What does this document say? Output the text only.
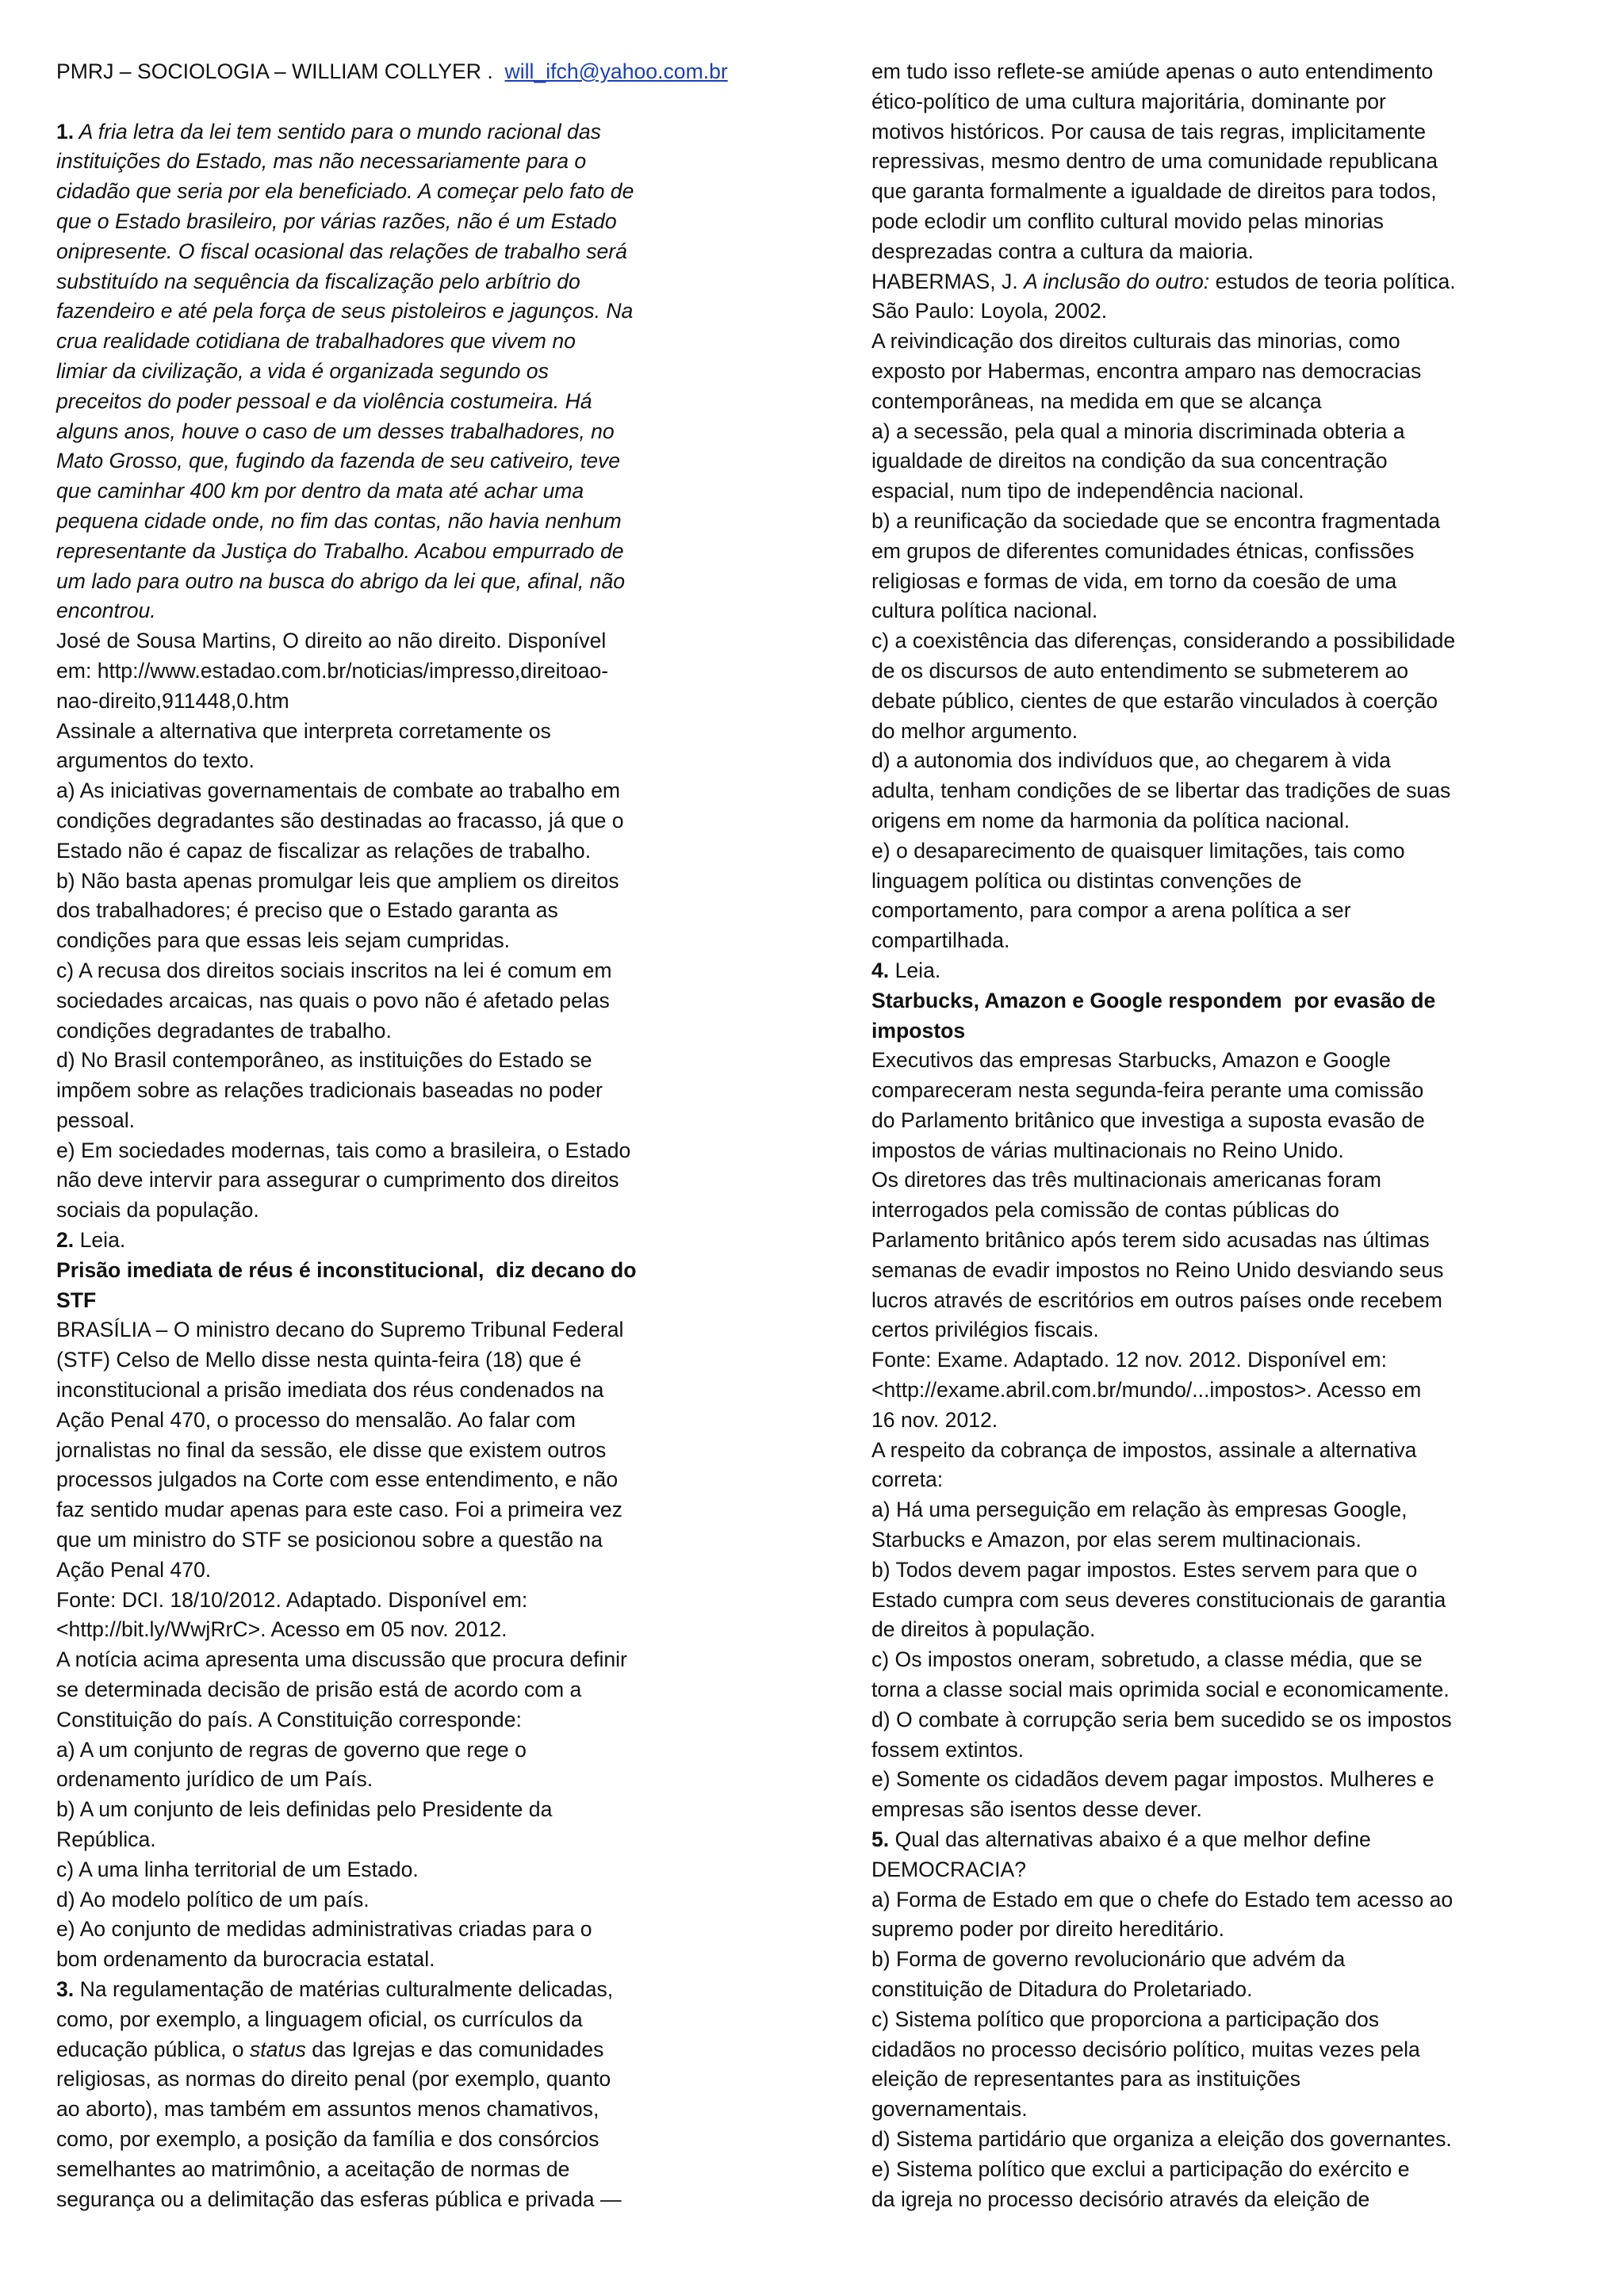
PMRJ – SOCIOLOGIA – WILLIAM COLLYER . will_ifch@yahoo.com.br
1. A fria letra da lei tem sentido para o mundo racional das
instituições do Estado, mas não necessariamente para o
cidadão que seria por ela beneficiado. A começar pelo fato de
que o Estado brasileiro, por várias razões, não é um Estado
onipresente. O fiscal ocasional das relações de trabalho será
substituído na sequência da fiscalização pelo arbítrio do
fazendeiro e até pela força de seus pistoleiros e jagunços. Na
crua realidade cotidiana de trabalhadores que vivem no
limiar da civilização, a vida é organizada segundo os
preceitos do poder pessoal e da violência costumeira. Há
alguns anos, houve o caso de um desses trabalhadores, no
Mato Grosso, que, fugindo da fazenda de seu cativeiro, teve
que caminhar 400 km por dentro da mata até achar uma
pequena cidade onde, no fim das contas, não havia nenhum
representante da Justiça do Trabalho. Acabou empurrado de
um lado para outro na busca do abrigo da lei que, afinal, não
encontrou.
José de Sousa Martins, O direito ao não direito. Disponível
em: http://www.estadao.com.br/noticias/impresso,direitoao-
nao-direito,911448,0.htm
Assinale a alternativa que interpreta corretamente os
argumentos do texto.
a) As iniciativas governamentais de combate ao trabalho em
condições degradantes são destinadas ao fracasso, já que o
Estado não é capaz de fiscalizar as relações de trabalho.
b) Não basta apenas promulgar leis que ampliem os direitos
dos trabalhadores; é preciso que o Estado garanta as
condições para que essas leis sejam cumpridas.
c) A recusa dos direitos sociais inscritos na lei é comum em
sociedades arcaicas, nas quais o povo não é afetado pelas
condições degradantes de trabalho.
d) No Brasil contemporâneo, as instituições do Estado se
impõem sobre as relações tradicionais baseadas no poder
pessoal.
e) Em sociedades modernas, tais como a brasileira, o Estado
não deve intervir para assegurar o cumprimento dos direitos
sociais da população.
2. Leia.
Prisão imediata de réus é inconstitucional,  diz decano do
STF
BRASÍLIA – O ministro decano do Supremo Tribunal Federal
(STF) Celso de Mello disse nesta quinta-feira (18) que é
inconstitucional a prisão imediata dos réus condenados na
Ação Penal 470, o processo do mensalão. Ao falar com
jornalistas no final da sessão, ele disse que existem outros
processos julgados na Corte com esse entendimento, e não
faz sentido mudar apenas para este caso. Foi a primeira vez
que um ministro do STF se posicionou sobre a questão na
Ação Penal 470.
Fonte: DCI. 18/10/2012. Adaptado. Disponível em:
<http://bit.ly/WwjRrC>. Acesso em 05 nov. 2012.
A notícia acima apresenta uma discussão que procura definir
se determinada decisão de prisão está de acordo com a
Constituição do país. A Constituição corresponde:
a) A um conjunto de regras de governo que rege o
ordenamento jurídico de um País.
b) A um conjunto de leis definidas pelo Presidente da
República.
c) A uma linha territorial de um Estado.
d) Ao modelo político de um país.
e) Ao conjunto de medidas administrativas criadas para o
bom ordenamento da burocracia estatal.
3. Na regulamentação de matérias culturalmente delicadas,
como, por exemplo, a linguagem oficial, os currículos da
educação pública, o status das Igrejas e das comunidades
religiosas, as normas do direito penal (por exemplo, quanto
ao aborto), mas também em assuntos menos chamativos,
como, por exemplo, a posição da família e dos consórcios
semelhantes ao matrimônio, a aceitação de normas de
segurança ou a delimitação das esferas pública e privada —
em tudo isso reflete-se amiúde apenas o auto entendimento
ético-político de uma cultura majoritária, dominante por
motivos históricos. Por causa de tais regras, implicitamente
repressivas, mesmo dentro de uma comunidade republicana
que garanta formalmente a igualdade de direitos para todos,
pode eclodir um conflito cultural movido pelas minorias
desprezadas contra a cultura da maioria.
HABERMAS, J. A inclusão do outro: estudos de teoria política.
São Paulo: Loyola, 2002.
A reivindicação dos direitos culturais das minorias, como
exposto por Habermas, encontra amparo nas democracias
contemporâneas, na medida em que se alcança
a) a secessão, pela qual a minoria discriminada obteria a
igualdade de direitos na condição da sua concentração
espacial, num tipo de independência nacional.
b) a reunificação da sociedade que se encontra fragmentada
em grupos de diferentes comunidades étnicas, confissões
religiosas e formas de vida, em torno da coesão de uma
cultura política nacional.
c) a coexistência das diferenças, considerando a possibilidade
de os discursos de auto entendimento se submeterem ao
debate público, cientes de que estarão vinculados à coerção
do melhor argumento.
d) a autonomia dos indivíduos que, ao chegarem à vida
adulta, tenham condições de se libertar das tradições de suas
origens em nome da harmonia da política nacional.
e) o desaparecimento de quaisquer limitações, tais como
linguagem política ou distintas convenções de
comportamento, para compor a arena política a ser
compartilhada.
4. Leia.
Starbucks, Amazon e Google respondem  por evasão de
impostos
Executivos das empresas Starbucks, Amazon e Google
compareceram nesta segunda-feira perante uma comissão
do Parlamento britânico que investiga a suposta evasão de
impostos de várias multinacionais no Reino Unido.
Os diretores das três multinacionais americanas foram
interrogados pela comissão de contas públicas do
Parlamento britânico após terem sido acusadas nas últimas
semanas de evadir impostos no Reino Unido desviando seus
lucros através de escritórios em outros países onde recebem
certos privilégios fiscais.
Fonte: Exame. Adaptado. 12 nov. 2012. Disponível em:
<http://exame.abril.com.br/mundo/...impostos>. Acesso em
16 nov. 2012.
A respeito da cobrança de impostos, assinale a alternativa
correta:
a) Há uma perseguição em relação às empresas Google,
Starbucks e Amazon, por elas serem multinacionais.
b) Todos devem pagar impostos. Estes servem para que o
Estado cumpra com seus deveres constitucionais de garantia
de direitos à população.
c) Os impostos oneram, sobretudo, a classe média, que se
torna a classe social mais oprimida social e economicamente.
d) O combate à corrupção seria bem sucedido se os impostos
fossem extintos.
e) Somente os cidadãos devem pagar impostos. Mulheres e
empresas são isentos desse dever.
5. Qual das alternativas abaixo é a que melhor define
DEMOCRACIA?
a) Forma de Estado em que o chefe do Estado tem acesso ao
supremo poder por direito hereditário.
b) Forma de governo revolucionário que advém da
constituição de Ditadura do Proletariado.
c) Sistema político que proporciona a participação dos
cidadãos no processo decisório político, muitas vezes pela
eleição de representantes para as instituições
governamentais.
d) Sistema partidário que organiza a eleição dos governantes.
e) Sistema político que exclui a participação do exército e
da igreja no processo decisório através da eleição de
